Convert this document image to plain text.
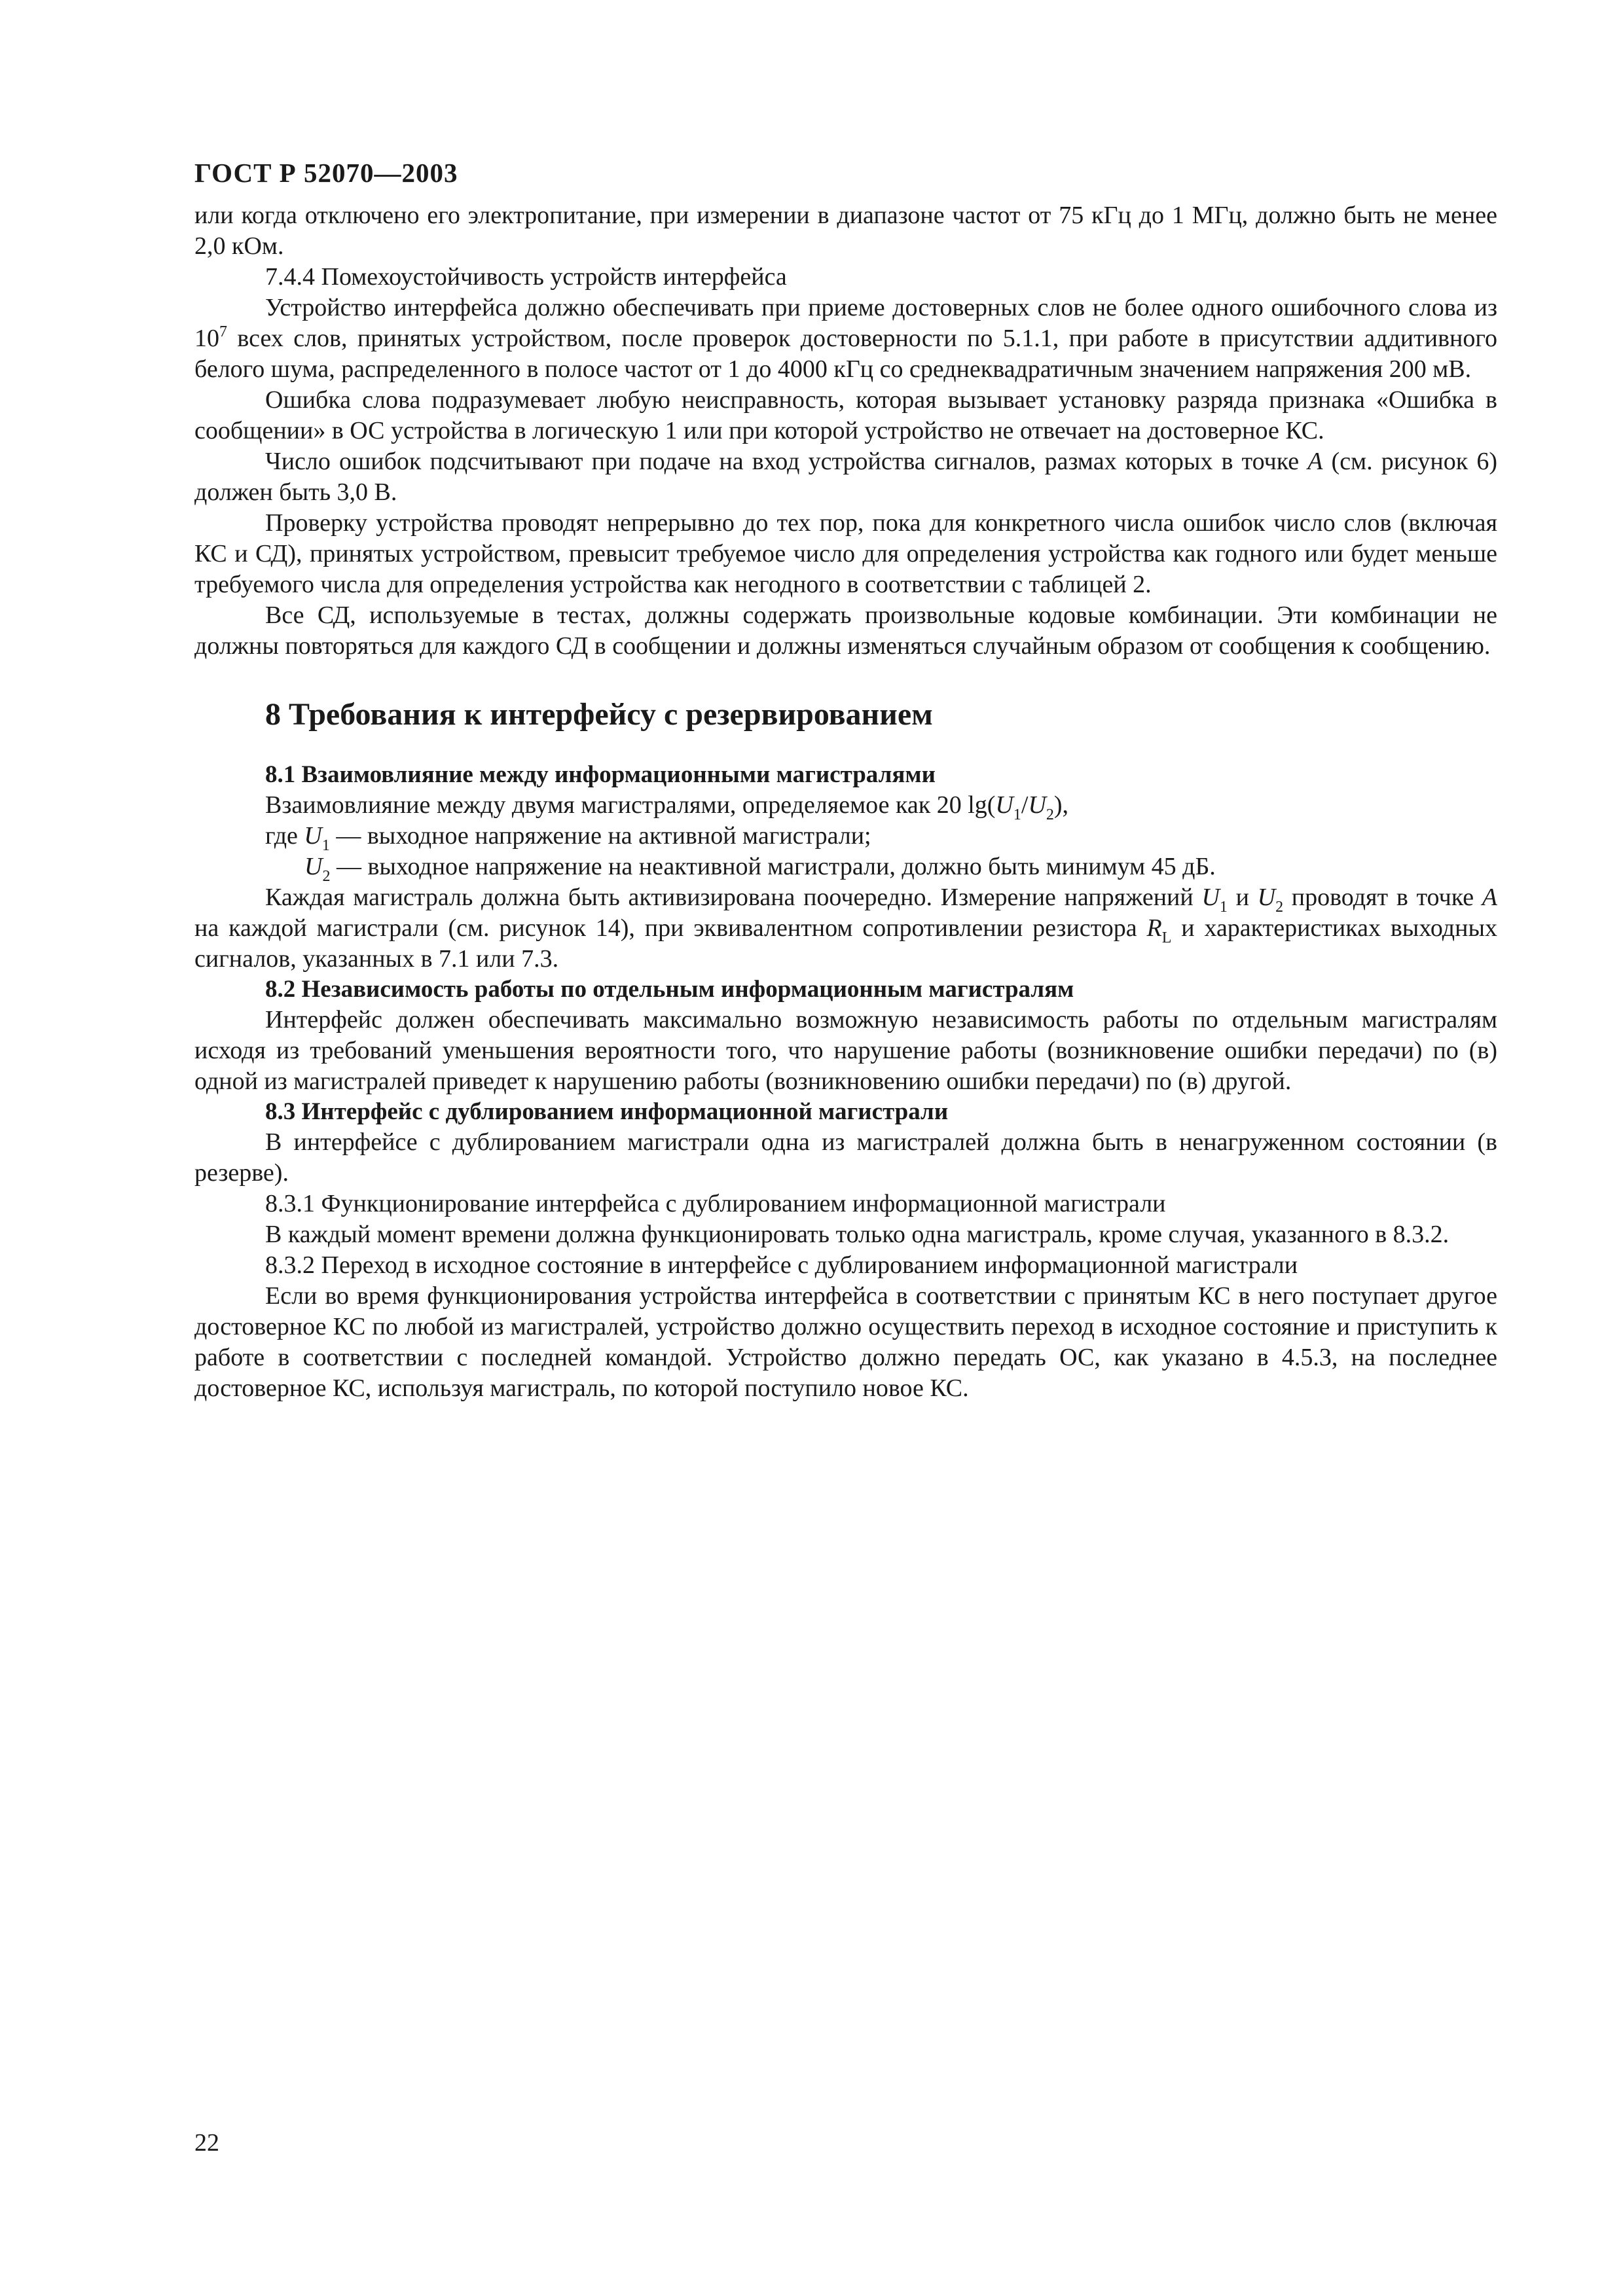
ГОСТ Р 52070—2003

или когда отключено его электропитание, при измерении в диапазоне частот от 75 кГц до 1 МГц, должно быть не менее 2,0 кОм.

7.4.4 Помехоустойчивость устройств интерфейса

Устройство интерфейса должно обеспечивать при приеме достоверных слов не более одного ошибочного слова из $10^7$ всех слов, принятых устройством, после проверок достоверности по 5.1.1, при работе в присутствии аддитивного белого шума, распределенного в полосе частот от 1 до 4000 кГц со среднеквадратичным значением напряжения 200 мВ.

Ошибка слова подразумевает любую неисправность, которая вызывает установку разряда признака «Ошибка в сообщении» в ОС устройства в логическую 1 или при которой устройство не отвечает на достоверное КС.

Число ошибок подсчитывают при подаче на вход устройства сигналов, размах которых в точке А (см. рисунок 6) должен быть 3,0 В.

Проверку устройства проводят непрерывно до тех пор, пока для конкретного числа ошибок число слов (включая КС и СД), принятых устройством, превысит требуемое число для определения устройства как годного или будет меньше требуемого числа для определения устройства как негодного в соответствии с таблицей 2.

Все СД, используемые в тестах, должны содержать произвольные кодовые комбинации. Эти комбинации не должны повторяться для каждого СД в сообщении и должны изменяться случайным образом от сообщения к сообщению.

8 Требования к интерфейсу с резервированием
8.1 Взаимовлияние между информационными магистралями

Взаимовлияние между двумя магистралями, определяемое как 20 $\lg(U_1/U_2)$,

где $U_1$ — выходное напряжение на активной магистрали;

$U_2$ — выходное напряжение на неактивной магистрали, должно быть минимум 45 дБ.

Каждая магистраль должна быть активизирована поочередно. Измерение напряжений $U_1$ и $U_2$ проводят в точке А на каждой магистрали (см. рисунок 14), при эквивалентном сопротивлении резистора $R_L$ и характеристиках выходных сигналов, указанных в 7.1 или 7.3.

8.2 Независимость работы по отдельным информационным магистралям

Интерфейс должен обеспечивать максимально возможную независимость работы по отдельным магистралям исходя из требований уменьшения вероятности того, что нарушение работы (возникновение ошибки передачи) по (в) одной из магистралей приведет к нарушению работы (возникновению ошибки передачи) по (в) другой.

8.3 Интерфейс с дублированием информационной магистрали

В интерфейсе с дублированием магистрали одна из магистралей должна быть в ненагруженном состоянии (в резерве).

8.3.1 Функционирование интерфейса с дублированием информационной магистрали

В каждый момент времени должна функционировать только одна магистраль, кроме случая, указанного в 8.3.2.

8.3.2 Переход в исходное состояние в интерфейсе с дублированием информационной магистрали

Если во время функционирования устройства интерфейса в соответствии с принятым КС в него поступает другое достоверное КС по любой из магистралей, устройство должно осуществить переход в исходное состояние и приступить к работе в соответствии с последней командой. Устройство должно передать ОС, как указано в 4.5.3, на последнее достоверное КС, используя магистраль, по которой поступило новое КС.

22
